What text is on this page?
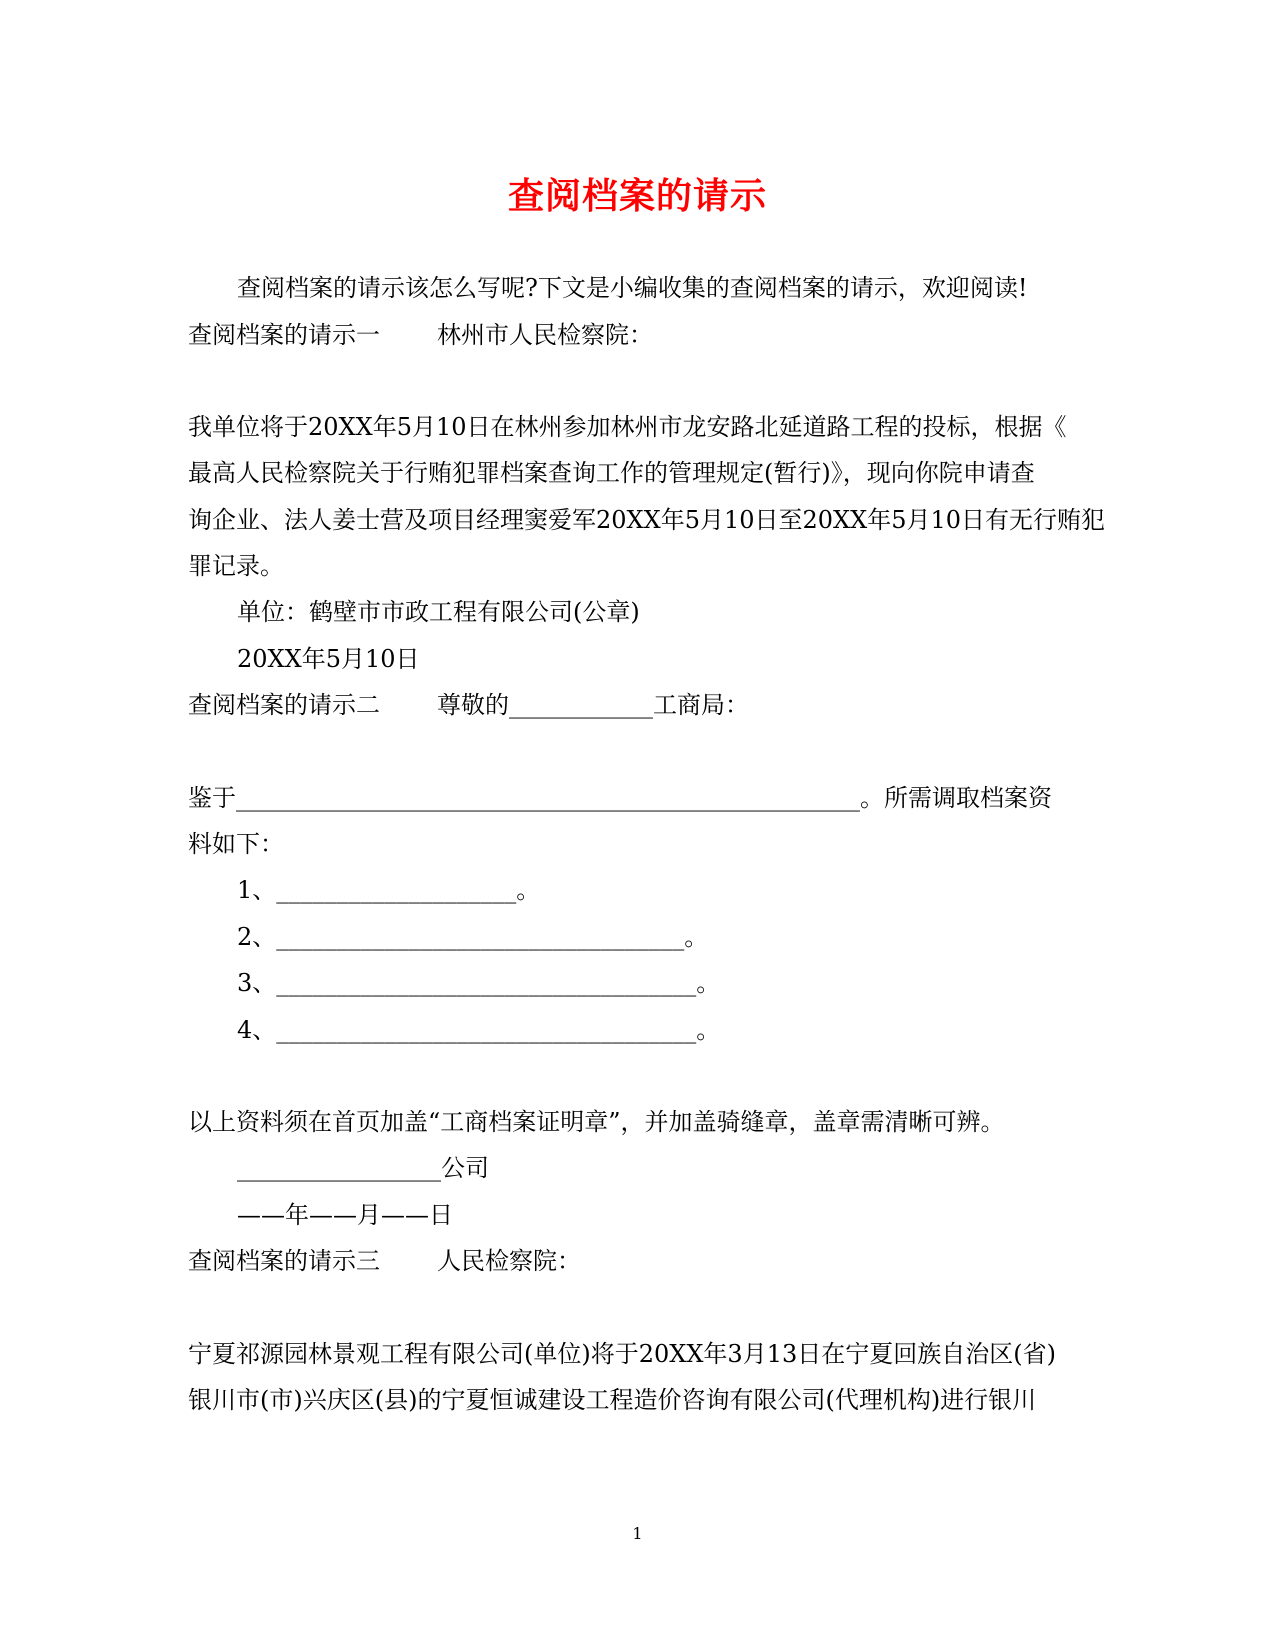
查阅档案的请示
查阅档案的请示该怎么写呢?下文是小编收集的查阅档案的请示，欢迎阅读!
查阅档案的请示一 林州市人民检察院：
我单位将于20XX年5月10日在林州参加林州市龙安路北延道路工程的投标，根据《
最高人民检察院关于行贿犯罪档案查询工作的管理规定(暂行)》，现向你院申请查
询企业、法人姜士营及项目经理窦爱军20XX年5月10日至20XX年5月10日有无行贿犯
罪记录。
单位：鹤壁市市政工程有限公司(公章)
20XX年5月10日
查阅档案的请示二 尊敬的____________工商局：
鉴于____________________________________________________。所需调取档案资
料如下：
1、____________________。
2、__________________________________。
3、___________________________________。
4、___________________________________。
以上资料须在首页加盖“工商档案证明章”，并加盖骑缝章，盖章需清晰可辨。
_________________公司
——年——月——日
查阅档案的请示三 人民检察院：
宁夏祁源园林景观工程有限公司(单位)将于20XX年3月13日在宁夏回族自治区(省)
银川市(市)兴庆区(县)的宁夏恒诚建设工程造价咨询有限公司(代理机构)进行银川
1
